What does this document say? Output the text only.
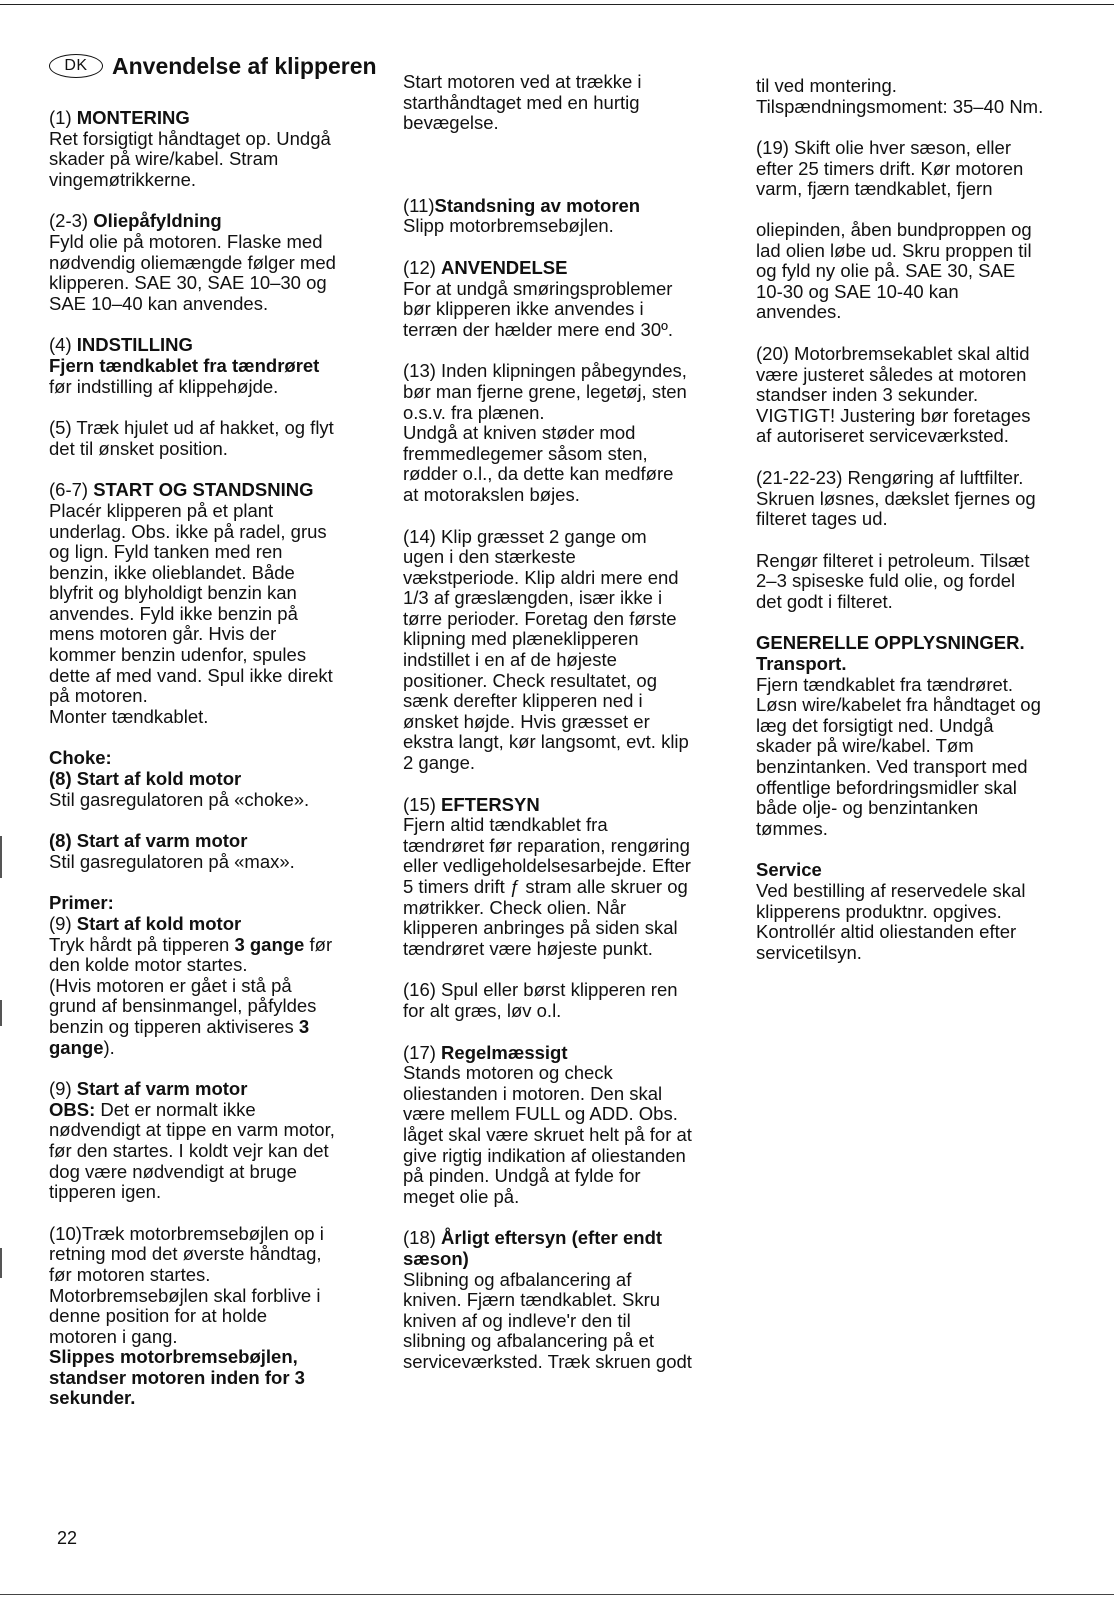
DK	Anvendelse af klipperen

(1) MONTERING

Ret forsigtigt håndtaget op. Undgå

skader på wire/kabel. Stram

vingemøtrikkerne.

(2-3) Oliepåfyldning

Fyld olie på motoren. Flaske med

nødvendig oliemængde følger med

klipperen. SAE 30, SAE 10–30 og

SAE 10–40 kan anvendes.

(4) INDSTILLING

Fjern tændkablet fra tændrøret

før indstilling af klippehøjde.

(5) Træk hjulet ud af hakket, og flyt

det til ønsket position.

(6-7) START OG STANDSNING

Placér klipperen på et plant

underlag. Obs. ikke på radel, grus

og lign. Fyld tanken med ren

benzin, ikke olieblandet. Både

blyfrit og blyholdigt benzin kan

anvendes. Fyld ikke benzin på

mens motoren går. Hvis der

kommer benzin udenfor, spules

dette af med vand. Spul ikke direkt

på motoren.

Monter tændkablet.

Choke:

(8) Start af kold motor

Stil gasregulatoren på «choke».

(8) Start af varm motor

Stil gasregulatoren på «max».

Primer:

(9) Start af kold motor

Tryk hårdt på tipperen 3 gange før

den kolde motor startes.

(Hvis motoren er gået i stå på

grund af bensinmangel, påfyldes

benzin og tipperen aktiviseres 3

gange).

(9) Start af varm motor

OBS: Det er normalt ikke

nødvendigt at tippe en varm motor,

før den startes. I koldt vejr kan det

dog være nødvendigt at bruge

tipperen igen.

(10)Træk motorbremsebøjlen op i

retning mod det øverste håndtag,

før motoren startes.

Motorbremsebøjlen skal forblive i

denne position for at holde

motoren i gang.

Slippes motorbremsebøjlen,

standser motoren inden for 3

sekunder.

Start motoren ved at trække i

starthåndtaget med en hurtig

bevægelse.

(11)Standsning av motoren

Slipp motorbremsebøjlen.

(12) ANVENDELSE

For at undgå smøringsproblemer

bør klipperen ikke anvendes i

terræn der hælder mere end 30º.

(13) Inden klipningen påbegyndes,

bør man fjerne grene, legetøj, sten

o.s.v. fra plænen.

Undgå at kniven støder mod

fremmedlegemer såsom sten,

rødder o.l., da dette kan medføre

at motorakslen bøjes.

(14) Klip græsset 2 gange om

ugen i den stærkeste

vækstperiode. Klip aldri mere end

1/3 af græslængden, især ikke i

tørre perioder. Foretag den første

klipning med plæneklipperen

indstillet i en af de højeste

positioner. Check resultatet, og

sænk derefter klipperen ned i

ønsket højde. Hvis græsset er

ekstra langt, kør langsomt, evt. klip

2 gange.

(15) EFTERSYN

Fjern altid tændkablet fra

tændrøret før reparation, rengøring

eller vedligeholdelsesarbejde. Efter

5 timers drift ƒ stram alle skruer og

møtrikker. Check olien. Når

klipperen anbringes på siden skal

tændrøret være højeste punkt.

(16) Spul eller børst klipperen ren

for alt græs, løv o.l.

(17) Regelmæssigt

Stands motoren og check

oliestanden i motoren. Den skal

være mellem FULL og ADD. Obs.

låget skal være skruet helt på for at

give rigtig indikation af oliestanden

på pinden. Undgå at fylde for

meget olie på.

(18) Årligt eftersyn (efter endt

sæson)

Slibning og afbalancering af

kniven. Fjærn tændkablet. Skru

kniven af og indleve'r den til

slibning og afbalancering på et

serviceværksted. Træk skruen godt

til ved montering.

Tilspændningsmoment: 35–40 Nm.

(19) Skift olie hver sæson, eller

efter 25 timers drift. Kør motoren

varm, fjærn tændkablet, fjern

oliepinden, åben bundproppen og

lad olien løbe ud. Skru proppen til

og fyld ny olie på. SAE 30, SAE

10-30 og SAE 10-40 kan

anvendes.

(20) Motorbremsekablet skal altid

være justeret således at motoren

standser inden 3 sekunder.

VIGTIGT! Justering bør foretages

af autoriseret serviceværksted.

(21-22-23) Rengøring af luftfilter.

Skruen løsnes, dækslet fjernes og

filteret tages ud.

Rengør filteret i petroleum. Tilsæt

2–3 spiseske fuld olie, og fordel

det godt i filteret.

GENERELLE OPPLYSNINGER.

Transport.

Fjern tændkablet fra tændrøret.

Løsn wire/kabelet fra håndtaget og

læg det forsigtigt ned. Undgå

skader på wire/kabel. Tøm

benzintanken. Ved transport med

offentlige befordringsmidler skal

både olje- og benzintanken

tømmes.

Service

Ved bestilling af reservedele skal

klipperens produktnr. opgives.

Kontrollér altid oliestanden efter

servicetilsyn.

22
